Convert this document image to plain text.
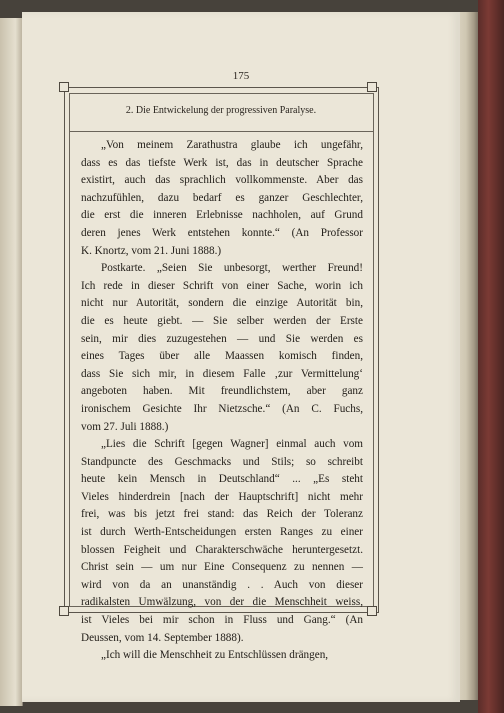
175
2. Die Entwickelung der progressiven Paralyse.
„Von meinem Zarathustra glaube ich ungefähr,
dass es das tiefste Werk ist, das in deutscher Sprache
existirt, auch das sprachlich vollkommenste. Aber das
nachzufühlen, dazu bedarf es ganzer Geschlechter,
die erst die inneren Erlebnisse nachholen, auf Grund
deren jenes Werk entstehen konnte.“ (An Professor
K. Knortz, vom 21. Juni 1888.)
Postkarte. „Seien Sie unbesorgt, werther Freund!
Ich rede in dieser Schrift von einer Sache, worin ich
nicht nur Autorität, sondern die einzige Autorität bin,
die es heute giebt. — Sie selber werden der Erste
sein, mir dies zuzugestehen — und Sie werden es
eines Tages über alle Maassen komisch finden,
dass Sie sich mir, in diesem Falle ‚zur Vermittelung‘
angeboten haben. Mit freundlichstem, aber ganz
ironischem Gesichte Ihr Nietzsche.“ (An C. Fuchs,
vom 27. Juli 1888.)
„Lies die Schrift [gegen Wagner] einmal auch vom
Standpuncte des Geschmacks und Stils; so schreibt
heute kein Mensch in Deutschland“ ... „Es steht
Vieles hinderdrein [nach der Hauptschrift] nicht mehr
frei, was bis jetzt frei stand: das Reich der Toleranz
ist durch Werth-Entscheidungen ersten Ranges zu einer
blossen Feigheit und Charakterschwäche heruntergesetzt.
Christ sein — um nur Eine Consequenz zu nennen —
wird von da an unanständig . . Auch von dieser
radikalsten Umwälzung, von der die Menschheit weiss,
ist Vieles bei mir schon in Fluss und Gang.“ (An
Deussen, vom 14. September 1888).
„Ich will die Menschheit zu Entschlüssen drängen,
